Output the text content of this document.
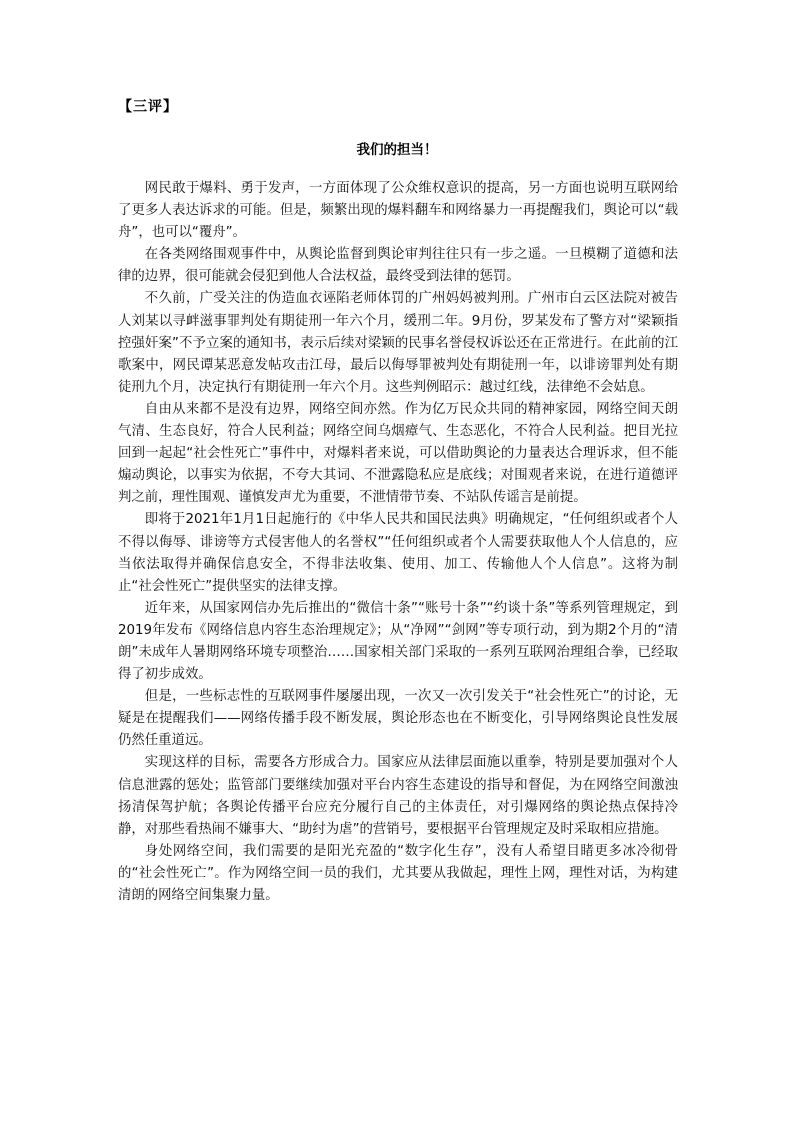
【三评】
我们的担当！

网民敢于爆料、勇于发声，一方面体现了公众维权意识的提高，另一方面也说明互联网给了更多人表达诉求的可能。但是，频繁出现的爆料翻车和网络暴力一再提醒我们，舆论可以“载舟”，也可以“覆舟”。

在各类网络围观事件中，从舆论监督到舆论审判往往只有一步之遥。一旦模糊了道德和法律的边界，很可能就会侵犯到他人合法权益，最终受到法律的惩罚。

不久前，广受关注的伪造血衣诬陷老师体罚的广州妈妈被判刑。广州市白云区法院对被告人刘某以寻衅滋事罪判处有期徒刑一年六个月，缓刑二年。9月份，罗某发布了警方对“梁颖指控强奸案”不予立案的通知书，表示后续对梁颖的民事名誉侵权诉讼还在正常进行。在此前的江歌案中，网民谭某恶意发帖攻击江母，最后以侮辱罪被判处有期徒刑一年，以诽谤罪判处有期徒刑九个月，决定执行有期徒刑一年六个月。这些判例昭示：越过红线，法律绝不会姑息。

自由从来都不是没有边界，网络空间亦然。作为亿万民众共同的精神家园，网络空间天朗气清、生态良好，符合人民利益；网络空间乌烟瘴气、生态恶化，不符合人民利益。把目光拉回到一起起“社会性死亡”事件中，对爆料者来说，可以借助舆论的力量表达合理诉求，但不能煽动舆论，以事实为依据，不夸大其词、不泄露隐私应是底线；对围观者来说，在进行道德评判之前，理性围观、谨慎发声尤为重要，不泄情带节奏、不站队传谣言是前提。

即将于2021年1月1日起施行的《中华人民共和国民法典》明确规定，“任何组织或者个人不得以侮辱、诽谤等方式侵害他人的名誉权”“任何组织或者个人需要获取他人个人信息的，应当依法取得并确保信息安全，不得非法收集、使用、加工、传输他人个人信息”。这将为制止“社会性死亡”提供坚实的法律支撑。

近年来，从国家网信办先后推出的“微信十条”“账号十条”“约谈十条”等系列管理规定，到2019年发布《网络信息内容生态治理规定》；从“净网”“剑网”等专项行动，到为期2个月的“清朗”未成年人暑期网络环境专项整治……国家相关部门采取的一系列互联网治理组合拳，已经取得了初步成效。

但是，一些标志性的互联网事件屡屡出现，一次又一次引发关于“社会性死亡”的讨论，无疑是在提醒我们——网络传播手段不断发展，舆论形态也在不断变化，引导网络舆论良性发展仍然任重道远。

实现这样的目标，需要各方形成合力。国家应从法律层面施以重拳，特别是要加强对个人信息泄露的惩处；监管部门要继续加强对平台内容生态建设的指导和督促，为在网络空间激浊扬清保驾护航；各舆论传播平台应充分履行自己的主体责任，对引爆网络的舆论热点保持冷静，对那些看热闹不嫌事大、“助纣为虐”的营销号，要根据平台管理规定及时采取相应措施。

身处网络空间，我们需要的是阳光充盈的“数字化生存”，没有人希望目睹更多冰冷彻骨的“社会性死亡”。作为网络空间一员的我们，尤其要从我做起，理性上网，理性对话，为构建清朗的网络空间集聚力量。
